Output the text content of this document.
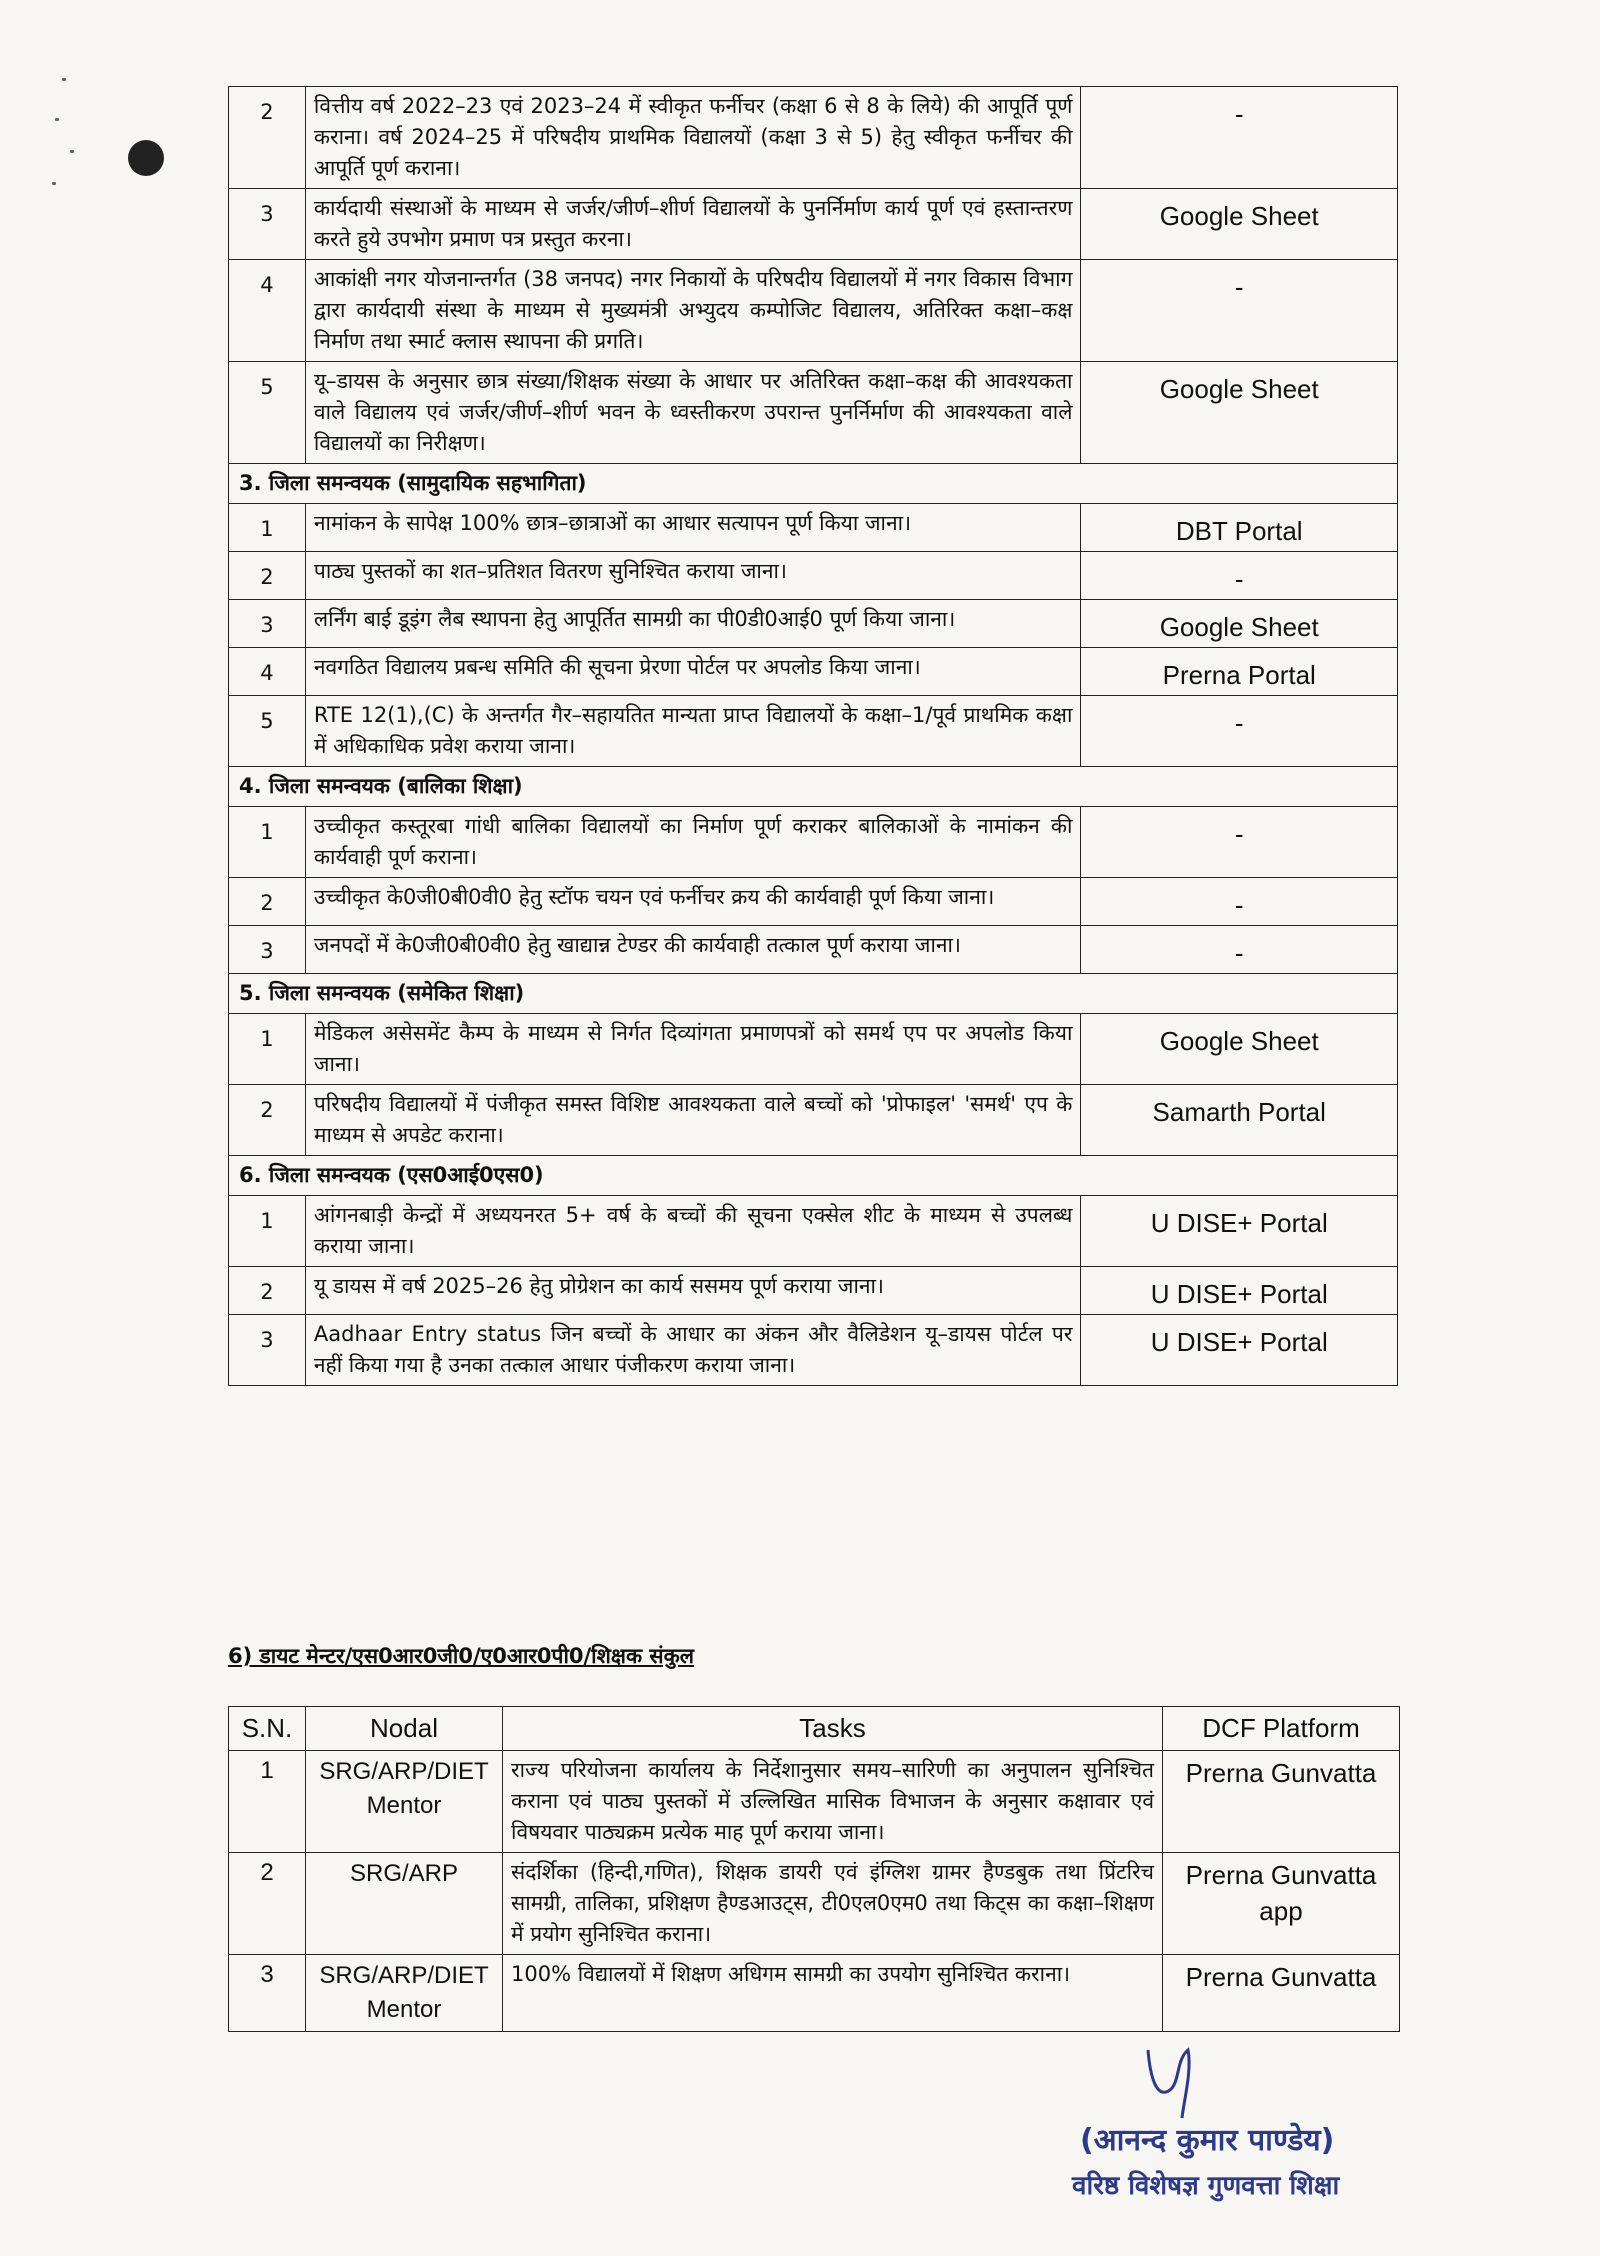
2	वित्तीय वर्ष 2022–23 एवं 2023–24 में स्वीकृत फर्नीचर (कक्षा 6 से 8 के लिये) की आपूर्ति पूर्ण कराना। वर्ष 2024–25 में परिषदीय प्राथमिक विद्यालयों (कक्षा 3 से 5) हेतु स्वीकृत फर्नीचर की आपूर्ति पूर्ण कराना।	-
3	कार्यदायी संस्थाओं के माध्यम से जर्जर/जीर्ण–शीर्ण विद्यालयों के पुनर्निर्माण कार्य पूर्ण एवं हस्तान्तरण करते हुये उपभोग प्रमाण पत्र प्रस्तुत करना।	Google Sheet
4	आकांक्षी नगर योजनान्तर्गत (38 जनपद) नगर निकायों के परिषदीय विद्यालयों में नगर विकास विभाग द्वारा कार्यदायी संस्था के माध्यम से मुख्यमंत्री अभ्युदय कम्पोजिट विद्यालय, अतिरिक्त कक्षा–कक्ष निर्माण तथा स्मार्ट क्लास स्थापना की प्रगति।	-
5	यू–डायस के अनुसार छात्र संख्या/शिक्षक संख्या के आधार पर अतिरिक्त कक्षा–कक्ष की आवश्यकता वाले विद्यालय एवं जर्जर/जीर्ण–शीर्ण भवन के ध्वस्तीकरण उपरान्त पुनर्निर्माण की आवश्यकता वाले विद्यालयों का निरीक्षण।	Google Sheet
3. जिला समन्वयक (सामुदायिक सहभागिता)		
1	नामांकन के सापेक्ष 100% छात्र–छात्राओं का आधार सत्यापन पूर्ण किया जाना।	DBT Portal
2	पाठ्य पुस्तकों का शत–प्रतिशत वितरण सुनिश्चित कराया जाना।	-
3	लर्निंग बाई डूइंग लैब स्थापना हेतु आपूर्तित सामग्री का पी0डी0आई0 पूर्ण किया जाना।	Google Sheet
4	नवगठित विद्यालय प्रबन्ध समिति की सूचना प्रेरणा पोर्टल पर अपलोड किया जाना।	Prerna Portal
5	RTE 12(1),(C) के अन्तर्गत गैर–सहायतित मान्यता प्राप्त विद्यालयों के कक्षा–1/पूर्व प्राथमिक कक्षा में अधिकाधिक प्रवेश कराया जाना।	-
4. जिला समन्वयक (बालिका शिक्षा)		
1	उच्चीकृत कस्तूरबा गांधी बालिका विद्यालयों का निर्माण पूर्ण कराकर बालिकाओं के नामांकन की कार्यवाही पूर्ण कराना।	-
2	उच्चीकृत के0जी0बी0वी0 हेतु स्टॉफ चयन एवं फर्नीचर क्रय की कार्यवाही पूर्ण किया जाना।	-
3	जनपदों में के0जी0बी0वी0 हेतु खाद्यान्न टेण्डर की कार्यवाही तत्काल पूर्ण कराया जाना।	-
5. जिला समन्वयक (समेकित शिक्षा)		
1	मेडिकल असेसमेंट कैम्प के माध्यम से निर्गत दिव्यांगता प्रमाणपत्रों को समर्थ एप पर अपलोड किया जाना।	Google Sheet
2	परिषदीय विद्यालयों में पंजीकृत समस्त विशिष्ट आवश्यकता वाले बच्चों को 'प्रोफाइल' 'समर्थ' एप के माध्यम से अपडेट कराना।	Samarth Portal
6. जिला समन्वयक (एस0आई0एस0)		
1	आंगनबाड़ी केन्द्रों में अध्ययनरत 5+ वर्ष के बच्चों की सूचना एक्सेल शीट के माध्यम से उपलब्ध कराया जाना।	U DISE+ Portal
2	यू डायस में वर्ष 2025–26 हेतु प्रोग्रेशन का कार्य ससमय पूर्ण कराया जाना।	U DISE+ Portal
3	Aadhaar Entry status जिन बच्चों के आधार का अंकन और वैलिडेशन यू–डायस पोर्टल पर नहीं किया गया है उनका तत्काल आधार पंजीकरण कराया जाना।	U DISE+ Portal
6) डायट मेन्टर/एस0आर0जी0/ए0आर0पी0/शिक्षक संकुल
S.N.	Nodal	Tasks	DCF Platform
1	SRG/ARP/DIET Mentor	राज्य परियोजना कार्यालय के निर्देशानुसार समय–सारिणी का अनुपालन सुनिश्चित कराना एवं पाठ्य पुस्तकों में उल्लिखित मासिक विभाजन के अनुसार कक्षावार एवं विषयवार पाठ्यक्रम प्रत्येक माह पूर्ण कराया जाना।	Prerna Gunvatta
2	SRG/ARP	संदर्शिका (हिन्दी,गणित), शिक्षक डायरी एवं इंग्लिश ग्रामर हैण्डबुक तथा प्रिंटरिच सामग्री, तालिका, प्रशिक्षण हैण्डआउट्स, टी0एल0एम0 तथा किट्स का कक्षा–शिक्षण में प्रयोग सुनिश्चित कराना।	Prerna Gunvatta app
3	SRG/ARP/DIET Mentor	100% विद्यालयों में शिक्षण अधिगम सामग्री का उपयोग सुनिश्चित कराना।	Prerna Gunvatta
(आनन्द कुमार पाण्डेय)
वरिष्ठ विशेषज्ञ गुणवत्ता शिक्षा
